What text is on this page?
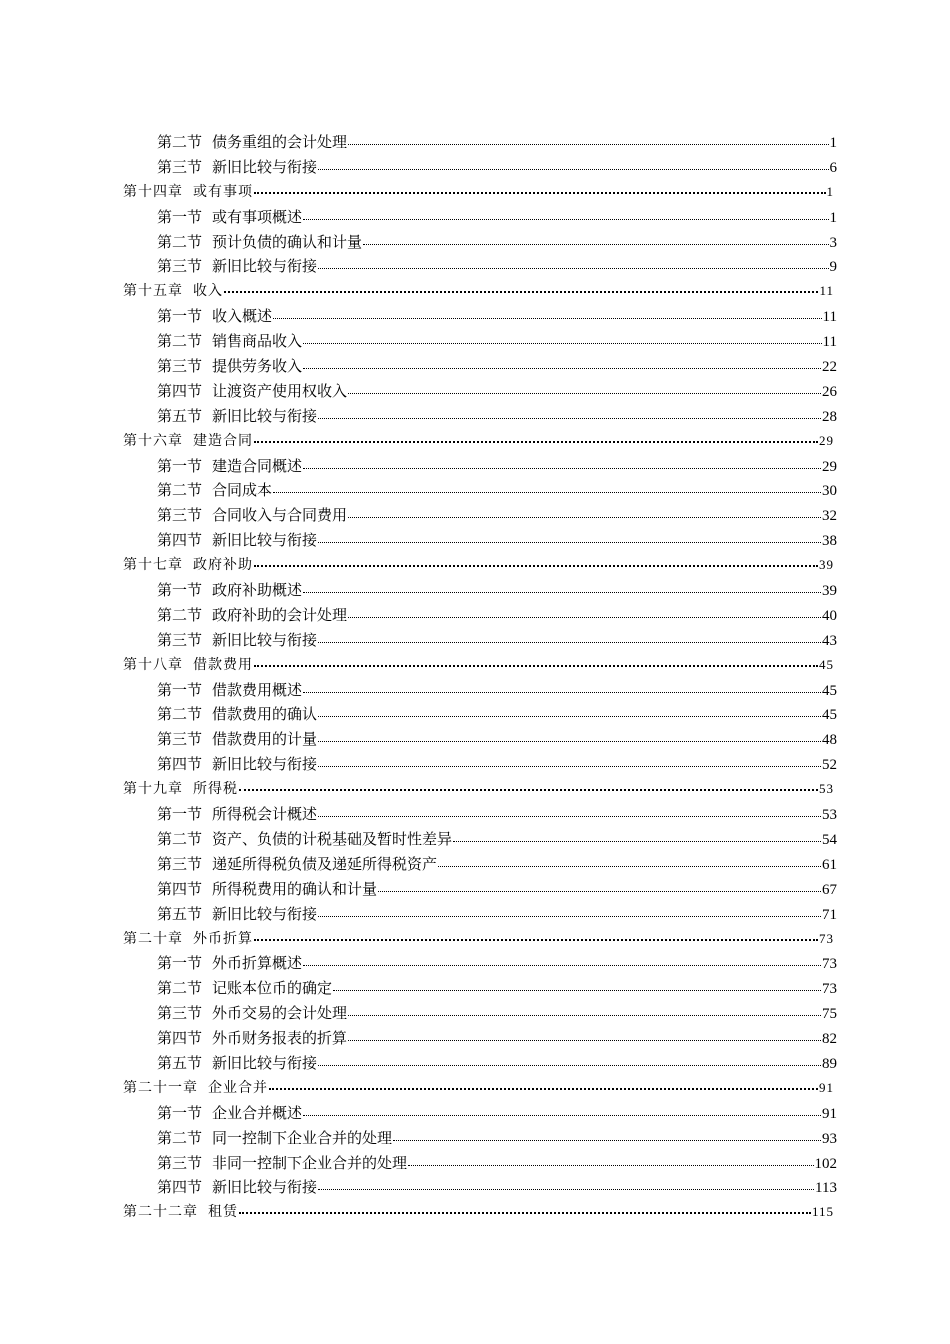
第二节 债务重组的会计处理	1
第三节 新旧比较与衔接	6
第十四章 或有事项	1
第一节 或有事项概述	1
第二节 预计负债的确认和计量	3
第三节 新旧比较与衔接	9
第十五章 收入	11
第一节 收入概述	11
第二节 销售商品收入	11
第三节 提供劳务收入	22
第四节 让渡资产使用权收入	26
第五节 新旧比较与衔接	28
第十六章 建造合同	29
第一节 建造合同概述	29
第二节 合同成本	30
第三节 合同收入与合同费用	32
第四节 新旧比较与衔接	38
第十七章 政府补助	39
第一节 政府补助概述	39
第二节 政府补助的会计处理	40
第三节 新旧比较与衔接	43
第十八章 借款费用	45
第一节 借款费用概述	45
第二节 借款费用的确认	45
第三节 借款费用的计量	48
第四节 新旧比较与衔接	52
第十九章 所得税	53
第一节 所得税会计概述	53
第二节 资产、负债的计税基础及暂时性差异	54
第三节 递延所得税负债及递延所得税资产	61
第四节 所得税费用的确认和计量	67
第五节 新旧比较与衔接	71
第二十章 外币折算	73
第一节 外币折算概述	73
第二节 记账本位币的确定	73
第三节 外币交易的会计处理	75
第四节 外币财务报表的折算	82
第五节 新旧比较与衔接	89
第二十一章 企业合并	91
第一节 企业合并概述	91
第二节 同一控制下企业合并的处理	93
第三节 非同一控制下企业合并的处理	102
第四节 新旧比较与衔接	113
第二十二章 租赁	115
